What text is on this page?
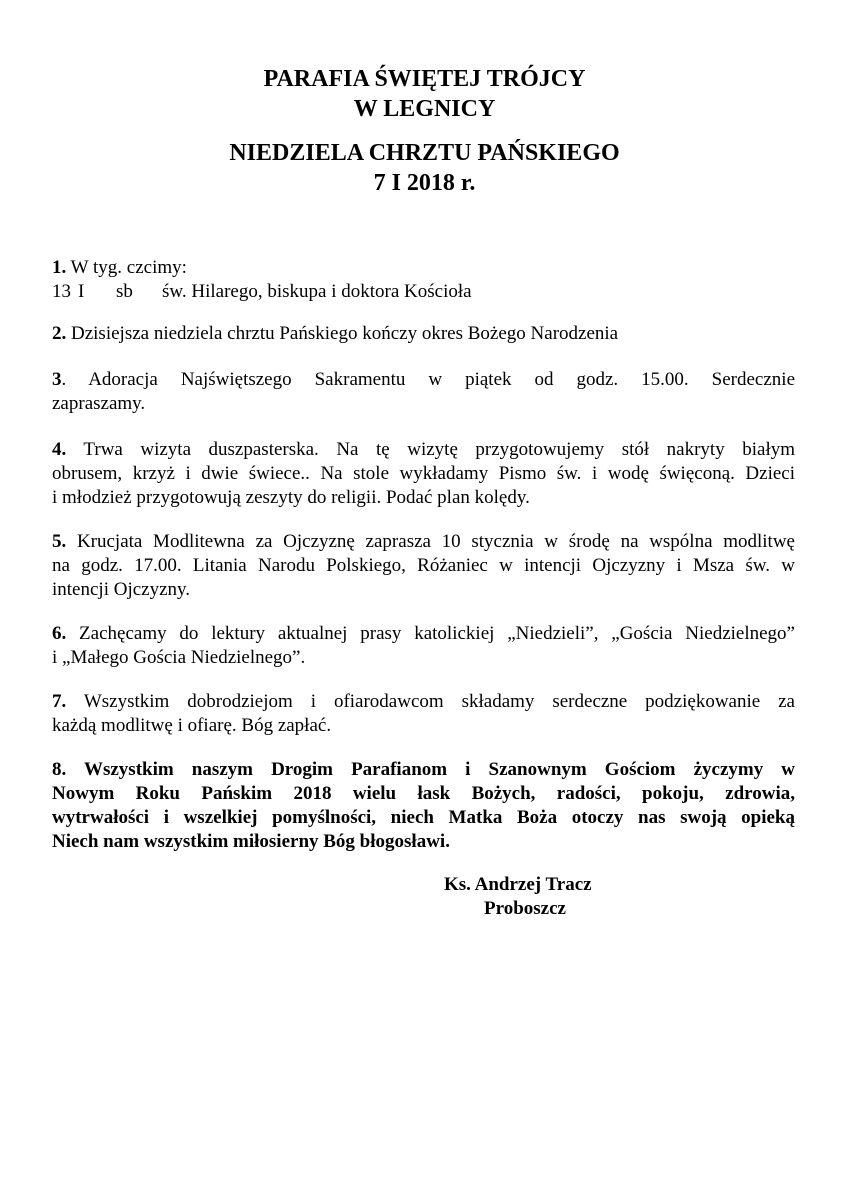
PARAFIA ŚWIĘTEJ TRÓJCY
W LEGNICY
NIEDZIELA CHRZTU PAŃSKIEGO
7 I 2018 r.
1. W tyg. czcimy:
13 I sb św. Hilarego, biskupa i doktora Kościoła
2. Dzisiejsza niedziela chrztu Pańskiego kończy okres Bożego Narodzenia
3. Adoracja Najświętszego Sakramentu w piątek od godz. 15.00. Serdecznie
zapraszamy.
4. Trwa wizyta duszpasterska. Na tę wizytę przygotowujemy stół nakryty białym
obrusem, krzyż i dwie świece.. Na stole wykładamy Pismo św. i wodę święconą. Dzieci
i młodzież przygotowują zeszyty do religii. Podać plan kolędy.
5. Krucjata Modlitewna za Ojczyznę zaprasza 10 stycznia w środę na wspólna modlitwę
na godz. 17.00. Litania Narodu Polskiego, Różaniec w intencji Ojczyzny i Msza św. w
intencji Ojczyzny.
6. Zachęcamy do lektury aktualnej prasy katolickiej „Niedzieli”, „Gościa Niedzielnego”
i „Małego Gościa Niedzielnego”.
7. Wszystkim dobrodziejom i ofiarodawcom składamy serdeczne podziękowanie za
każdą modlitwę i ofiarę. Bóg zapłać.
8. Wszystkim naszym Drogim Parafianom i Szanownym Gościom życzymy w
Nowym Roku Pańskim 2018 wielu łask Bożych, radości, pokoju, zdrowia,
wytrwałości i wszelkiej pomyślności, niech Matka Boża otoczy nas swoją opieką
Niech nam wszystkim miłosierny Bóg błogosławi.
Ks. Andrzej Tracz
Proboszcz
